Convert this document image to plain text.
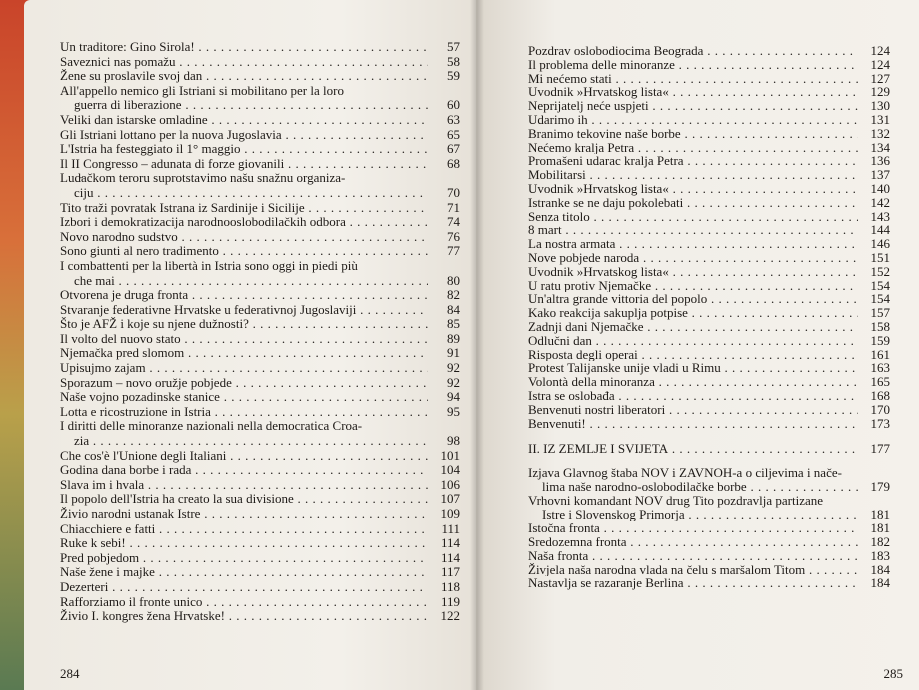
Un traditore: Gino Sirola! . . .	57
Saveznici nas pomažu . . .	58
Žene su proslavile svoj dan . . .	59
All'appello nemico gli Istriani si mobilitano per la loro
guerra di liberazione . . .	60
Veliki dan istarske omladine . . .	63
Gli Istriani lottano per la nuova Jugoslavia . . .	65
L'Istria ha festeggiato il 1° maggio . . .	67
Il II Congresso – adunata di forze giovanili . . .	68
Lud̵ačkom teroru suprotstavimo našu snažnu organiza-
ciju . . .	70
Tito traži povratak Istrana iz Sardinije i Sicilije . . .	71
Izbori i demokratizacija narodnooslobodilačkih odbora . . .	74
Novo narodno sudstvo . . .	76
Sono giunti al nero tradimento . . .	77
I combattenti per la libertà in Istria sono oggi in piedi più
che mai . . .	80
Otvorena je druga fronta . . .	82
Stvaranje federativne Hrvatske u federativnoj Jugoslaviji . . .	84
Što je AFŽ i koje su njene dužnosti? . . .	85
Il volto del nuovo stato . . .	89
Njemačka pred slomom . . .	91
Upisujmo zajam . . .	92
Sporazum – novo oružje pobjede . . .	92
Naše vojno pozadinske stanice . . .	94
Lotta e ricostruzione in Istria . . .	95
I diritti delle minoranze nazionali nella democratica Croa-
zia . . .	98
Che cos'è l'Unione degli Italiani . . .	101
Godina dana borbe i rada . . .	104
Slava im i hvala . . .	106
Il popolo dell'Istria ha creato la sua divisione . . .	107
Živio narodni ustanak Istre . . .	109
Chiacchiere e fatti . . .	111
Ruke k sebi! . . .	114
Pred pobjedom . . .	114
Naše žene i majke . . .	117
Dezerteri . . .	118
Rafforziamo il fronte unico . . .	119
Živio I. kongres žena Hrvatske! . . .	122
284
Pozdrav oslobodiocima Beograda . . .	124
Il problema delle minoranze . . .	124
Mi nećemo stati . . .	127
Uvodnik »Hrvatskog lista« . . .	129
Neprijatelj neće uspjeti . . .	130
Udarimo ih . . .	131
Branimo tekovine naše borbe . . .	132
Nećemo kralja Petra . . .	134
Promašeni udarac kralja Petra . . .	136
Mobilitarsi . . .	137
Uvodnik »Hrvatskog lista« . . .	140
Istranke se ne daju pokolebati . . .	142
Senza titolo . . .	143
8 mart . . .	144
La nostra armata . . .	146
Nove pobjede naroda . . .	151
Uvodnik »Hrvatskog lista« . . .	152
U ratu protiv Njemačke . . .	154
Un'altra grande vittoria del popolo . . .	154
Kako reakcija sakuplja potpise . . .	157
Zadnji dani Njemačke . . .	158
Odlučni dan . . .	159
Risposta degli operai . . .	161
Protest Talijanske unije vladi u Rimu . . .	163
Volontà della minoranza . . .	165
Istra se oslobađa . . .	168
Benvenuti nostri liberatori . . .	170
Benvenuti! . . .	173
II. IZ ZEMLJE I SVIJETA . . .	177
Izjava Glavnog štaba NOV i ZAVNOH-a o ciljevima i nače-
lima naše narodno-oslobodilačke borbe . . .	179
Vrhovni komandant NOV drug Tito pozdravlja partizane
Istre i Slovenskog Primorja . . .	181
Istočna fronta . . .	181
Sredozemna fronta . . .	182
Naša fronta . . .	183
Živjela naša narodna vlada na čelu s maršalom Titom . . .	184
Nastavlja se razaranje Berlina . . .	184
285
